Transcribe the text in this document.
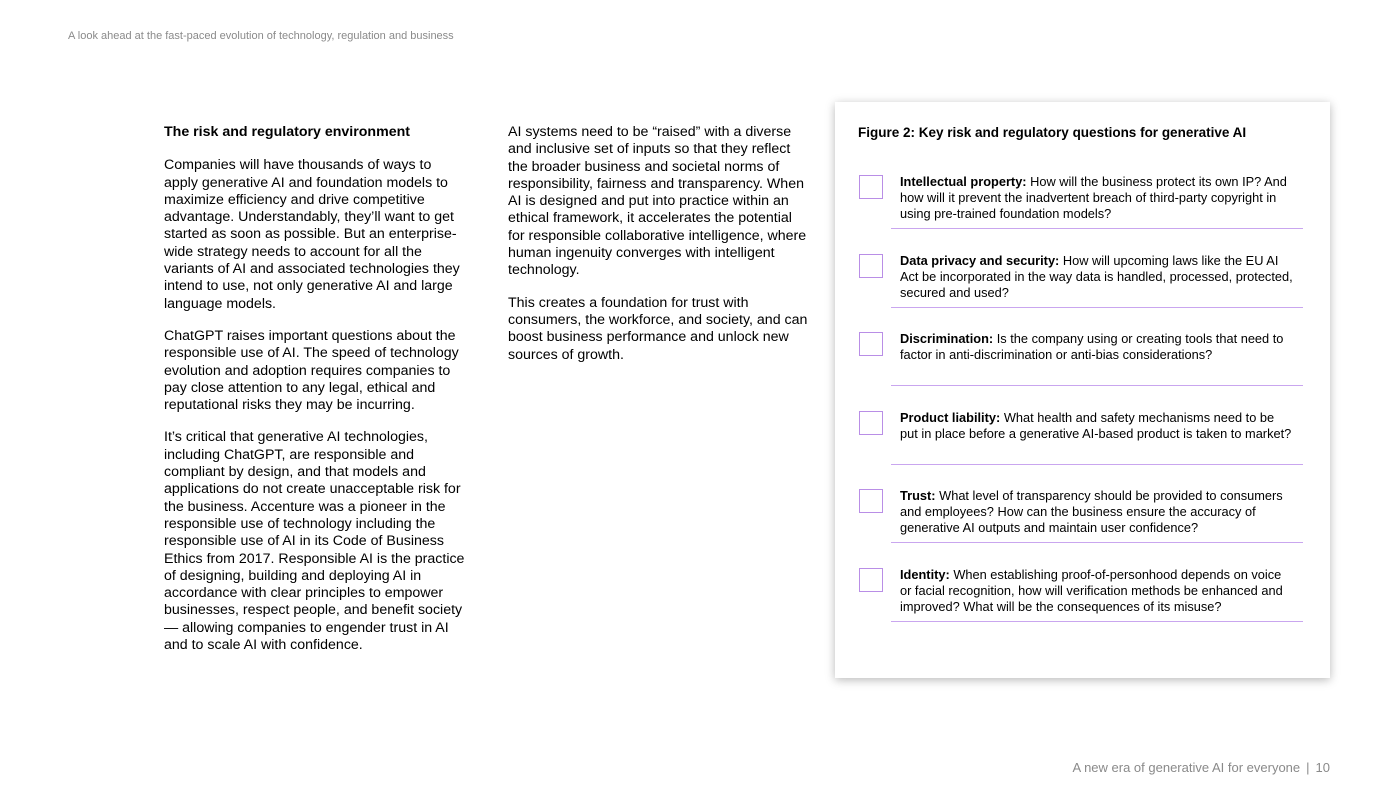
A look ahead at the fast-paced evolution of technology, regulation and business
The risk and regulatory environment

Companies will have thousands of ways to apply generative AI and foundation models to maximize efficiency and drive competitive advantage. Understandably, they’ll want to get started as soon as possible. But an enterprise-wide strategy needs to account for all the variants of AI and associated technologies they intend to use, not only generative AI and large language models.

ChatGPT raises important questions about the responsible use of AI. The speed of technology evolution and adoption requires companies to pay close attention to any legal, ethical and reputational risks they may be incurring.

It’s critical that generative AI technologies, including ChatGPT, are responsible and compliant by design, and that models and applications do not create unacceptable risk for the business. Accenture was a pioneer in the responsible use of technology including the responsible use of AI in its Code of Business Ethics from 2017. Responsible AI is the practice of designing, building and deploying AI in accordance with clear principles to empower businesses, respect people, and benefit society — allowing companies to engender trust in AI and to scale AI with confidence.

AI systems need to be “raised” with a diverse and inclusive set of inputs so that they reflect the broader business and societal norms of responsibility, fairness and transparency. When AI is designed and put into practice within an ethical framework, it accelerates the potential for responsible collaborative intelligence, where human ingenuity converges with intelligent technology.

This creates a foundation for trust with consumers, the workforce, and society, and can boost business performance and unlock new sources of growth.

Figure 2: Key risk and regulatory questions for generative AI
Intellectual property: How will the business protect its own IP? And how will it prevent the inadvertent breach of third-party copyright in using pre-trained foundation models?
Data privacy and security: How will upcoming laws like the EU AI Act be incorporated in the way data is handled, processed, protected, secured and used?
Discrimination: Is the company using or creating tools that need to factor in anti-discrimination or anti-bias considerations?
Product liability: What health and safety mechanisms need to be put in place before a generative AI-based product is taken to market?
Trust: What level of transparency should be provided to consumers and employees? How can the business ensure the accuracy of generative AI outputs and maintain user confidence?
Identity: When establishing proof-of-personhood depends on voice or facial recognition, how will verification methods be enhanced and improved? What will be the consequences of its misuse?
A new era of generative AI for everyone | 10
